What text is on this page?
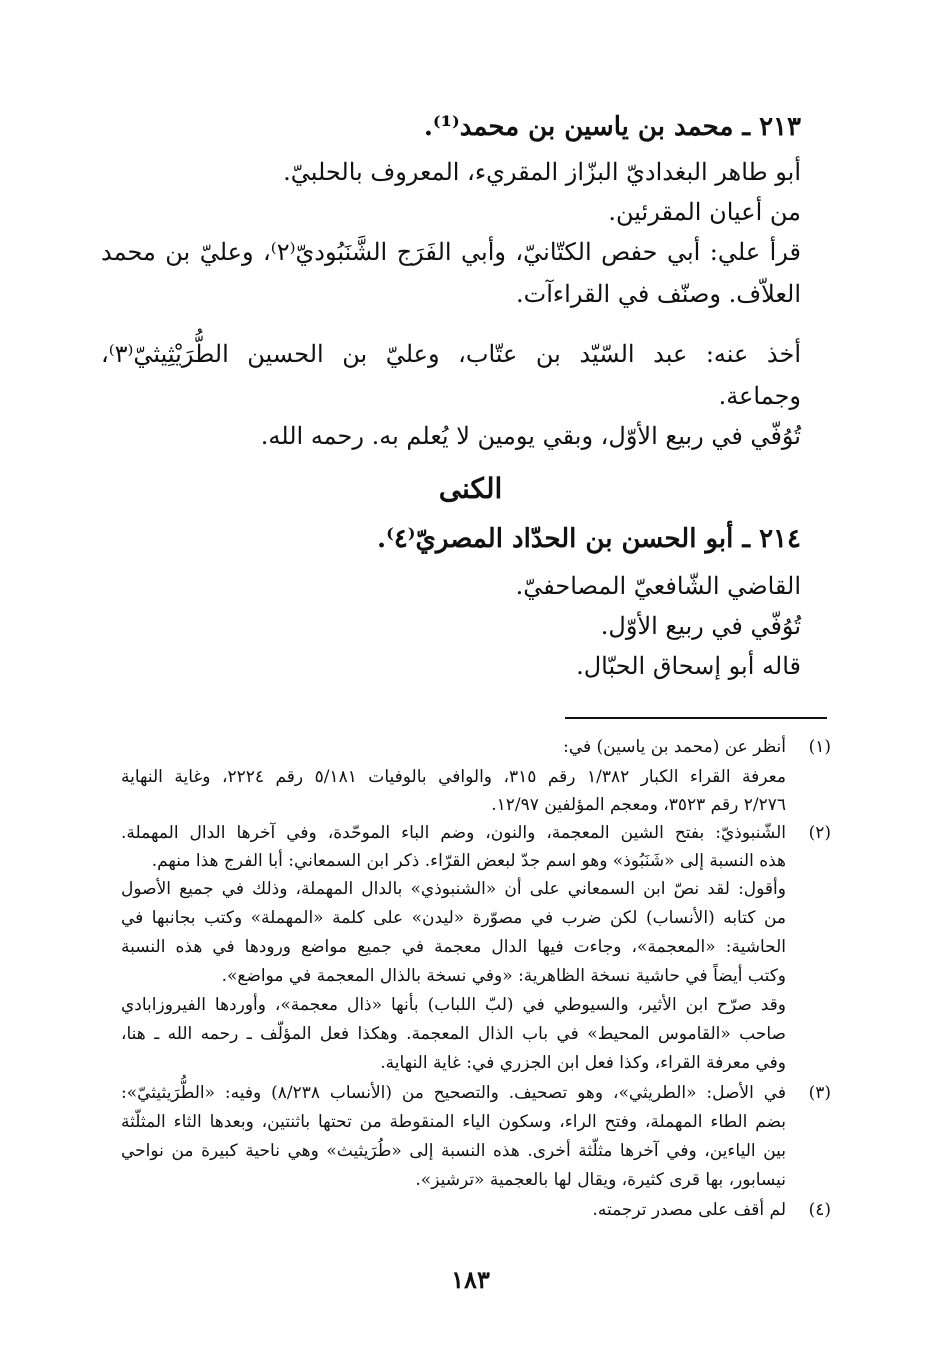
٢١٣ ـ محمد بن ياسين بن محمد⁽¹⁾.
أبو طاهر البغداديّ البزّاز المقريء، المعروف بالحلبيّ.
من أعيان المقرئين.
قرأ علي: أبي حفص الكتّانيّ، وأبي الفَرَج الشَّنَبُوديّ⁽٢⁾، وعليّ بن محمد
العلاّف. وصنّف في القراءآت.
أخذ عنه: عبد السّيّد بن عتّاب، وعليّ بن الحسين الطُّرَيْثِيثيّ⁽٣⁾،
وجماعة.
تُوُفّي في ربيع الأوّل، وبقي يومين لا يُعلم به. رحمه الله.
الكنى
٢١٤ ـ أبو الحسن بن الحدّاد المصريّ⁽٤⁾.
القاضي الشّافعيّ المصاحفيّ.
تُوُفّي في ربيع الأوّل.
قاله أبو إسحاق الحبّال.
(١)
أنظر عن (محمد بن ياسين) في:
معرفة القراء الكبار ١/٣٨٢ رقم ٣١٥، والوافي بالوفيات ٥/١٨١ رقم ٢٢٢٤، وغاية النهاية
٢/٢٧٦ رقم ٣٥٢٣، ومعجم المؤلفين ١٢/٩٧.
(٢)
الشّنبوذيّ: بفتح الشين المعجمة، والنون، وضم الباء الموحّدة، وفي آخرها الدال المهملة.
هذه النسبة إلى «شَنَبُوذ» وهو اسم جدّ لبعض القرّاء. ذكر ابن السمعاني: أبا الفرج هذا منهم.
وأقول: لقد نصّ ابن السمعاني على أن «الشنبوذي» بالدال المهملة، وذلك في جميع الأصول
من كتابه (الأنساب) لكن ضرب في مصوّرة «ليدن» على كلمة «المهملة» وكتب بجانبها في
الحاشية: «المعجمة»، وجاءت فيها الدال معجمة في جميع مواضع ورودها في هذه النسبة
وكتب أيضاً في حاشية نسخة الظاهرية: «وفي نسخة بالذال المعجمة في مواضع».
وقد صرّح ابن الأثير، والسيوطي في (لبّ اللباب) بأنها «ذال معجمة»، وأوردها الفيروزابادي
صاحب «القاموس المحيط» في باب الذال المعجمة. وهكذا فعل المؤلّف ـ رحمه الله ـ هنا،
وفي معرفة القراء، وكذا فعل ابن الجزري في: غاية النهاية.
(٣)
في الأصل: «الطريثي»، وهو تصحيف. والتصحيح من (الأنساب ٨/٢٣٨) وفيه: «الطُّرَيثيثيّ»:
بضم الطاء المهملة، وفتح الراء، وسكون الياء المنقوطة من تحتها باثنتين، وبعدها الثاء المثلّثة
بين الياءين، وفي آخرها مثلّثة أخرى. هذه النسبة إلى «طُرَيثيث» وهي ناحية كبيرة من نواحي
نيسابور، بها قرى كثيرة، ويقال لها بالعجمية «ترشيز».
(٤)
لم أقف على مصدر ترجمته.
١٨٣
